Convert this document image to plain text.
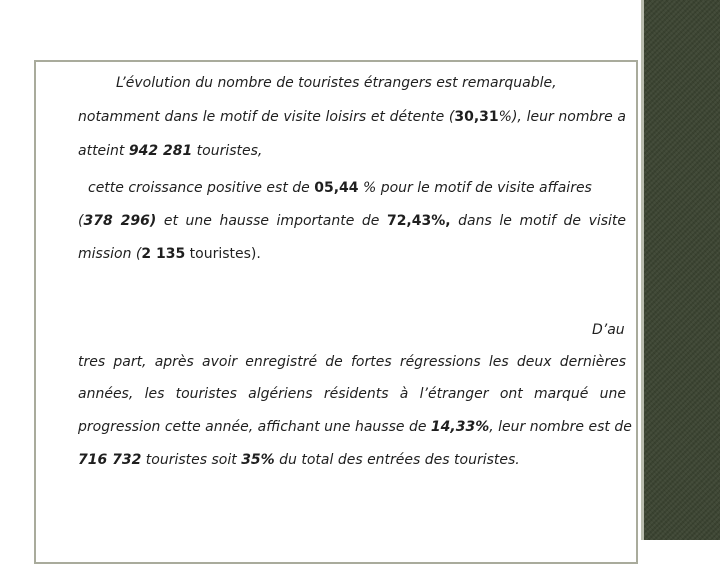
L’évolution du nombre de touristes étrangers est remarquable,
notamment dans le motif de visite loisirs et détente (30,31%), leur nombre a
atteint 942 281 touristes,
cette croissance positive est de 05,44 % pour le motif de visite affaires
(378 296) et une hausse importante de 72,43%, dans le motif de visite
mission (2 135 touristes).
D’au
tres part, après avoir enregistré de fortes régressions les deux dernières
années, les touristes algériens résidents à l’étranger ont marqué une
progression cette année, affichant une hausse de 14,33%, leur nombre est de
716 732 touristes soit 35% du total des entrées des touristes.
